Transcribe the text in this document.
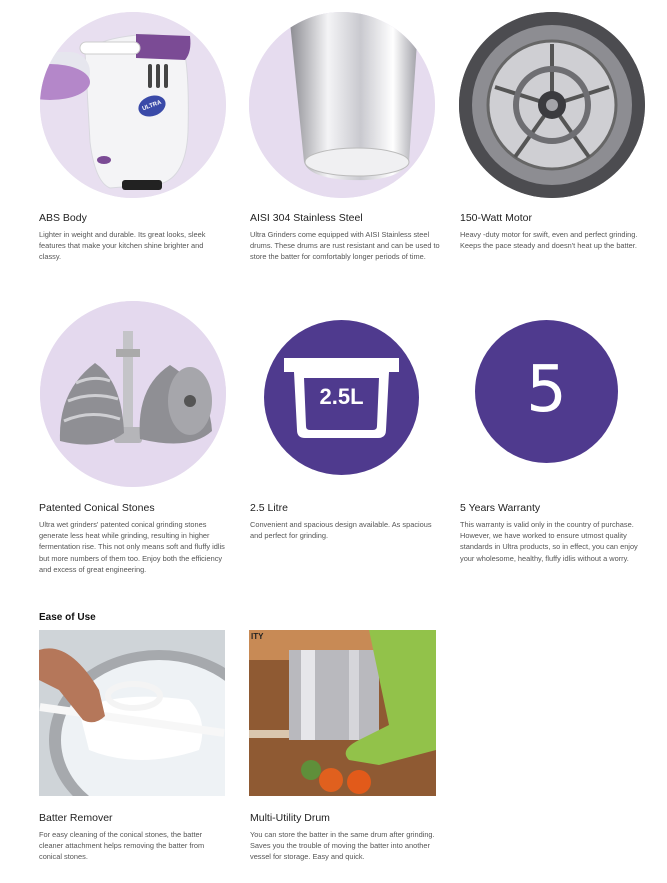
ULTRA
ABS Body
Lighter in weight and durable. Its great looks, sleek features that make your kitchen shine brighter and classy.
AISI 304 Stainless Steel
Ultra Grinders come equipped with AISI Stainless steel drums. These drums are rust resistant and can be used to store the batter for comfortably longer periods of time.
150-Watt Motor
Heavy -duty motor for swift, even and perfect grinding. Keeps the pace steady and doesn't heat up the batter.
Patented Conical Stones
Ultra wet grinders' patented conical grinding stones generate less heat while grinding, resulting in higher fermentation rise. This not only means soft and fluffy idlis but more numbers of them too. Enjoy both the efficiency and excess of great engineering.
2.5L
2.5 Litre
Convenient and spacious design available. As spacious and perfect for grinding.
5
5 Years Warranty
This warranty is valid only in the country of purchase. However, we have worked to ensure utmost quality standards in Ultra products, so in effect, you can enjoy your wholesome, healthy, fluffy idlis without a worry.
Ease of Use
Batter Remover
For easy cleaning of the conical stones, the batter cleaner attachment helps removing the batter from conical stones.
ITY
Multi-Utility Drum
You can store the batter in the same drum after grinding. Saves you the trouble of moving the batter into another vessel for storage. Easy and quick.
